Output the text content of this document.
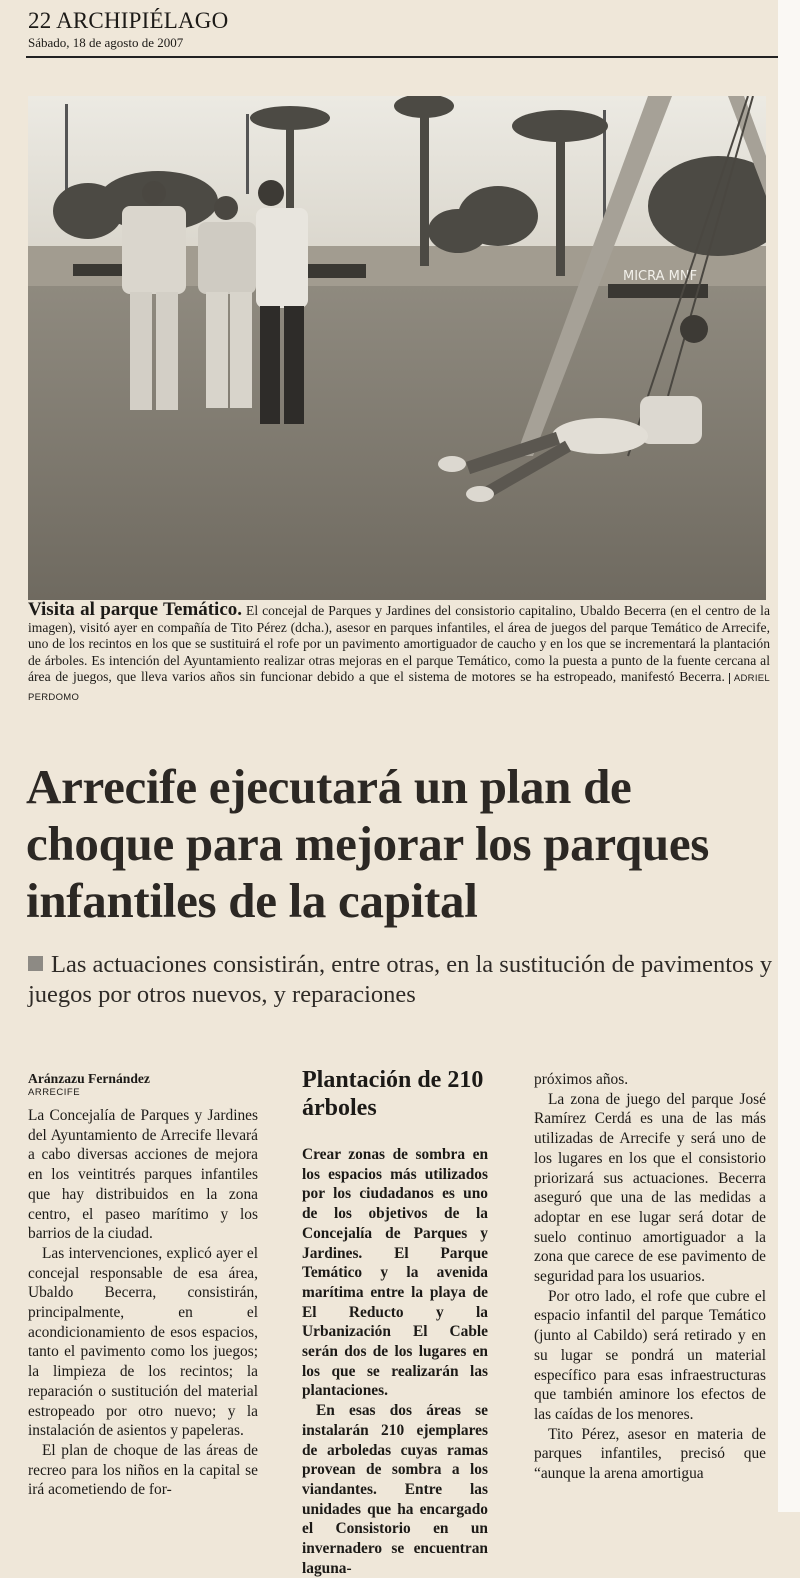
22 ARCHIPIÉLAGO
Sábado, 18 de agosto de 2007
MICRA MNF
Visita al parque Temático. El concejal de Parques y Jardines del consistorio capitalino, Ubaldo Becerra (en el centro de la imagen), visitó ayer en compañía de Tito Pérez (dcha.), asesor en parques infantiles, el área de juegos del parque Temático de Arrecife, uno de los recintos en los que se sustituirá el rofe por un pavimento amortiguador de caucho y en los que se incrementará la plantación de árboles. Es intención del Ayuntamiento realizar otras mejoras en el parque Temático, como la puesta a punto de la fuente cercana al área de juegos, que lleva varios años sin funcionar debido a que el sistema de motores se ha estropeado, manifestó Becerra. ADRIEL PERDOMO
Arrecife ejecutará un plan de choque para mejorar los parques infantiles de la capital

Las actuaciones consistirán, entre otras, en la sustitución de pavimentos y juegos por otros nuevos, y reparaciones

Aránzazu Fernández
ARRECIFE

La Concejalía de Parques y Jardines del Ayuntamiento de Arrecife llevará a cabo diversas acciones de mejora en los veintitrés parques infantiles que hay distribuidos en la zona centro, el paseo marítimo y los barrios de la ciudad.

Las intervenciones, explicó ayer el concejal responsable de esa área, Ubaldo Becerra, consistirán, principalmente, en el acondicionamiento de esos espacios, tanto el pavimento como los juegos; la limpieza de los recintos; la reparación o sustitución del material estropeado por otro nuevo; y la instalación de asientos y papeleras.

El plan de choque de las áreas de recreo para los niños en la capital se irá acometiendo de for-

Plantación de 210 árboles

Crear zonas de sombra en los espacios más utilizados por los ciudadanos es uno de los objetivos de la Concejalía de Parques y Jardines. El Parque Temático y la avenida marítima entre la playa de El Reducto y la Urbanización El Cable serán dos de los lugares en los que se realizarán las plantaciones.

En esas dos áreas se instalarán 210 ejemplares de arboledas cuyas ramas provean de sombra a los viandantes. Entre las unidades que ha encargado el Consistorio en un invernadero se encuentran laguna-

próximos años.

La zona de juego del parque José Ramírez Cerdá es una de las más utilizadas de Arrecife y será uno de los lugares en los que el consistorio priorizará sus actuaciones. Becerra aseguró que una de las medidas a adoptar en ese lugar será dotar de suelo continuo amortiguador a la zona que carece de ese pavimento de seguridad para los usuarios.

Por otro lado, el rofe que cubre el espacio infantil del parque Temático (junto al Cabildo) será retirado y en su lugar se pondrá un material específico para esas infraestructuras que también aminore los efectos de las caídas de los menores.

Tito Pérez, asesor en materia de parques infantiles, precisó que “aunque la arena amortigua
